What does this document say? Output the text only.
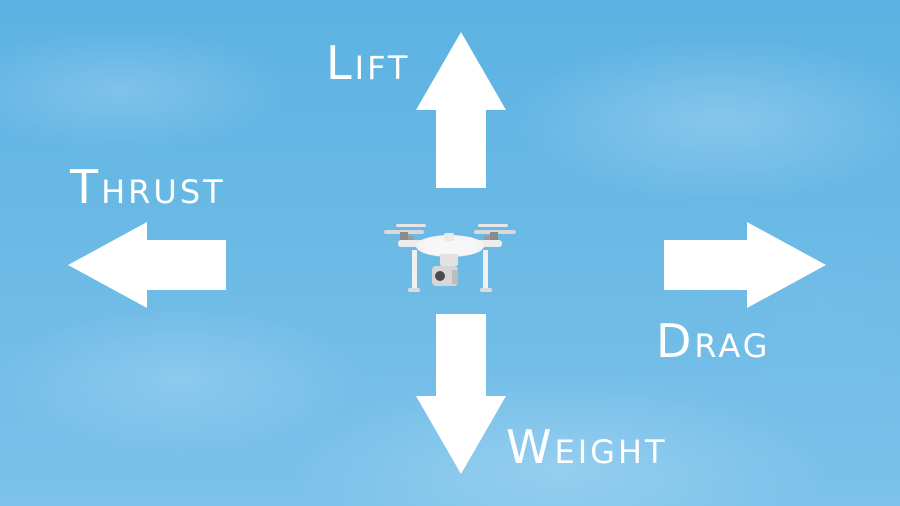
Lift
Thrust
Drag
Weight
